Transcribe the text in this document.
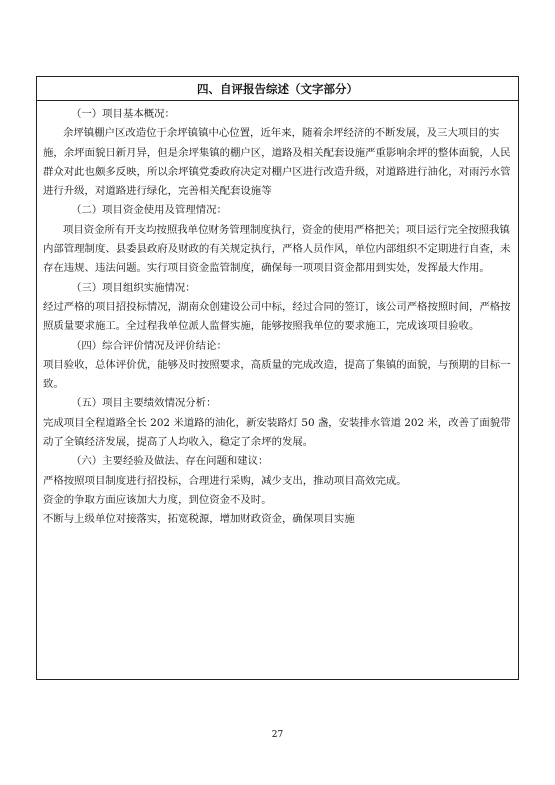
四、自评报告综述（文字部分）
（一）项目基本概况：

余坪镇棚户区改造位于余坪镇镇中心位置，近年来，随着余坪经济的不断发展，及三大项目的实施，余坪面貌日新月异，但是余坪集镇的棚户区，道路及相关配套设施严重影响余坪的整体面貌，人民群众对此也颇多反映，所以余坪镇党委政府决定对棚户区进行改造升级，对道路进行油化，对雨污水管进行升级，对道路进行绿化，完善相关配套设施等

（二）项目资金使用及管理情况：

项目资金所有开支均按照我单位财务管理制度执行，资金的使用严格把关；项目运行完全按照我镇内部管理制度、县委县政府及财政的有关规定执行，严格人员作风，单位内部组织不定期进行自查，未存在违规、违法问题。实行项目资金监管制度，确保每一项项目资金都用到实处，发挥最大作用。

（三）项目组织实施情况：

经过严格的项目招投标情况，湖南众创建设公司中标，经过合同的签订，该公司严格按照时间，严格按照质量要求施工。全过程我单位派人监督实施，能够按照我单位的要求施工，完成该项目验收。

（四）综合评价情况及评价结论：

项目验收，总体评价优，能够及时按照要求，高质量的完成改造，提高了集镇的面貌，与预期的目标一致。

（五）项目主要绩效情况分析：

完成项目全程道路全长 202 米道路的油化，新安装路灯 50 盏，安装排水管道 202 米，改善了面貌带动了全镇经济发展，提高了人均收入，稳定了余坪的发展。

（六）主要经验及做法、存在问题和建议：

严格按照项目制度进行招投标，合理进行采购，减少支出，推动项目高效完成。

资金的争取方面应该加大力度，到位资金不及时。

不断与上级单位对接落实，拓宽税源，增加财政资金，确保项目实施

27
